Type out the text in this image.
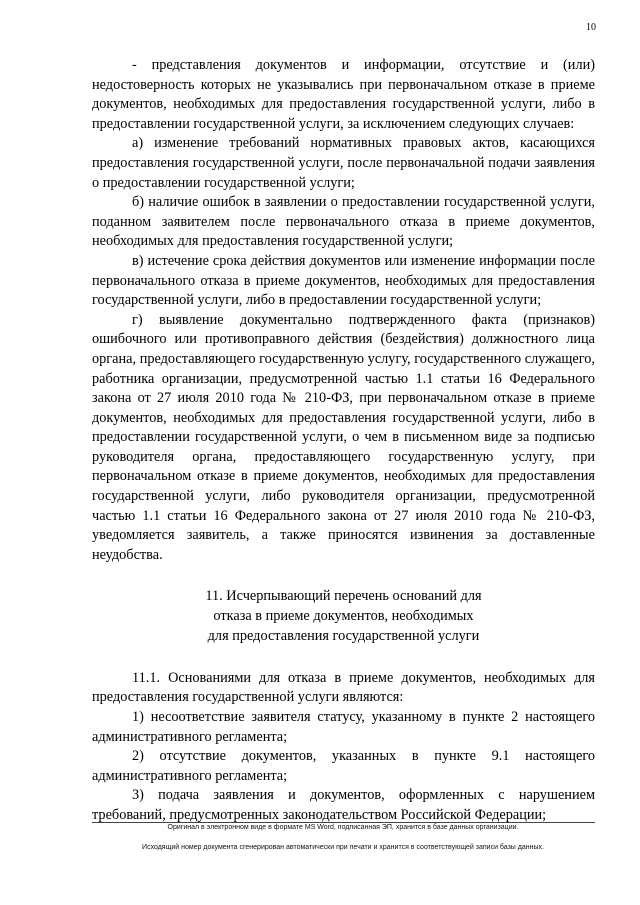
10

- представления документов и информации, отсутствие и (или) недостоверность которых не указывались при первоначальном отказе в приеме документов, необходимых для предоставления государственной услуги, либо в предоставлении государственной услуги, за исключением следующих случаев:

а) изменение требований нормативных правовых актов, касающихся предоставления государственной услуги, после первоначальной подачи заявления о предоставлении государственной услуги;

б) наличие ошибок в заявлении о предоставлении государственной услуги, поданном заявителем после первоначального отказа в приеме документов, необходимых для предоставления государственной услуги;

в) истечение срока действия документов или изменение информации после первоначального отказа в приеме документов, необходимых для предоставления государственной услуги, либо в предоставлении государственной услуги;

г) выявление документально подтвержденного факта (признаков) ошибочного или противоправного действия (бездействия) должностного лица органа, предоставляющего государственную услугу, государственного служащего, работника организации, предусмотренной частью 1.1 статьи 16 Федерального закона от 27 июля 2010 года № 210-ФЗ, при первоначальном отказе в приеме документов, необходимых для предоставления государственной услуги, либо в предоставлении государственной услуги, о чем в письменном виде за подписью руководителя органа, предоставляющего государственную услугу, при первоначальном отказе в приеме документов, необходимых для предоставления государственной услуги, либо руководителя организации, предусмотренной частью 1.1 статьи 16 Федерального закона от 27 июля 2010 года № 210-ФЗ, уведомляется заявитель, а также приносятся извинения за доставленные неудобства.

11. Исчерпывающий перечень оснований для
отказа в приеме документов, необходимых
для предоставления государственной услуги

11.1. Основаниями для отказа в приеме документов, необходимых для предоставления государственной услуги являются:

1) несоответствие заявителя статусу, указанному в пункте 2 настоящего административного регламента;

2) отсутствие документов, указанных в пункте 9.1 настоящего административного регламента;

3) подача заявления и документов, оформленных с нарушением требований, предусмотренных законодательством Российской Федерации;

Оригинал в электронном виде в формате MS Word, подписанная ЭП, хранится в базе данных организации.
Исходящий номер документа сгенерирован автоматически при печати и хранится в соответствующей записи базы данных.
